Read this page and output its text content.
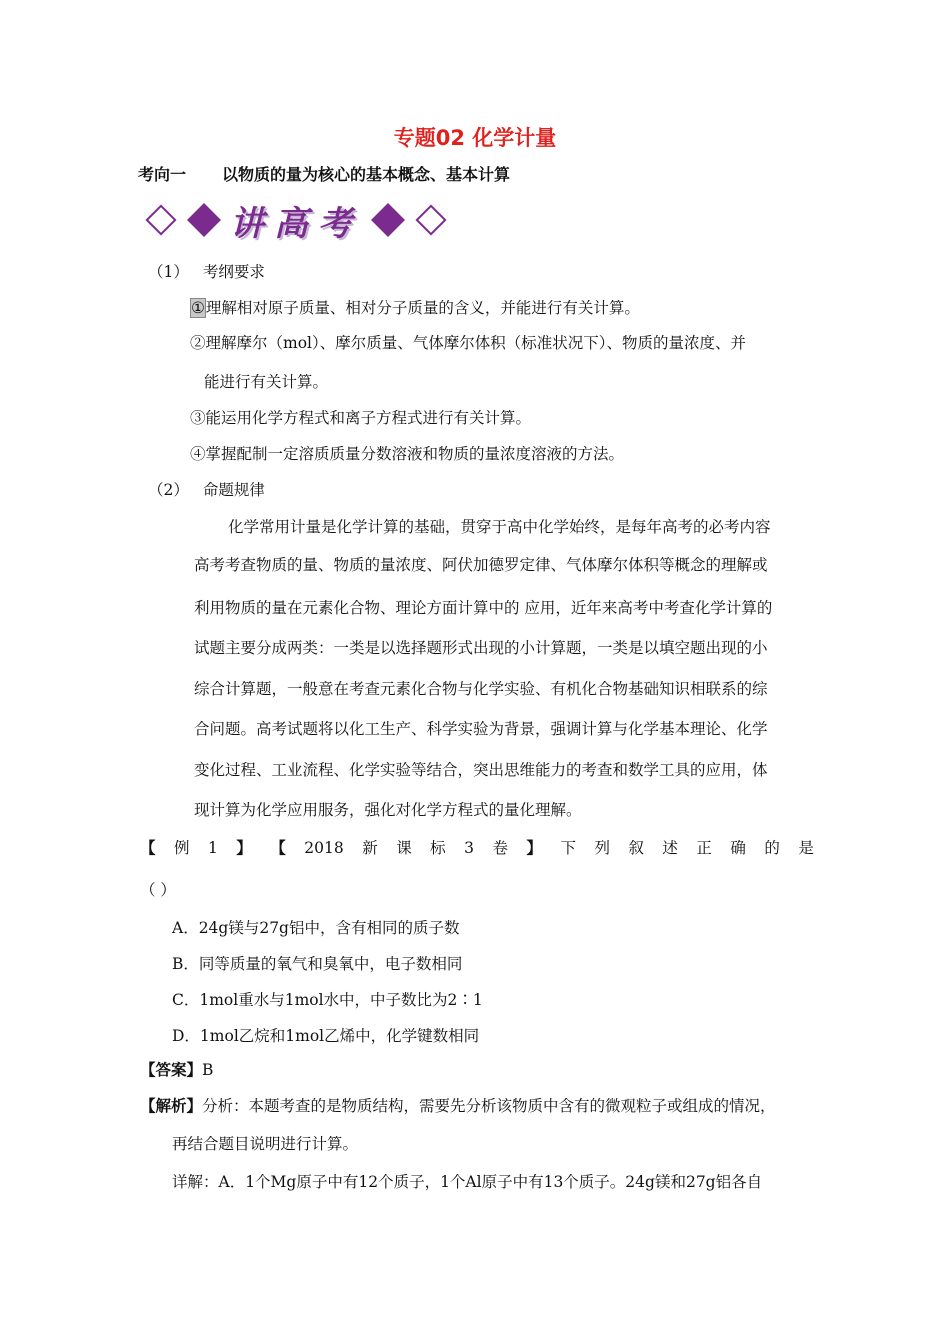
专题02 化学计量
考向一 以物质的量为核心的基本概念、基本计算
讲高考
（1） 考纲要求
①理解相对原子质量、相对分子质量的含义，并能进行有关计算。
②理解摩尔（mol）、摩尔质量、气体摩尔体积（标准状况下）、物质的量浓度、并
能进行有关计算。
③能运用化学方程式和离子方程式进行有关计算。
④掌握配制一定溶质质量分数溶液和物质的量浓度溶液的方法。
（2） 命题规律
化学常用计量是化学计算的基础，贯穿于高中化学始终，是每年高考的必考内容
高考考查物质的量、物质的量浓度、阿伏加德罗定律、气体摩尔体积等概念的理解或
利用物质的量在元素化合物、理论方面计算中的 应用，近年来高考中考查化学计算的
试题主要分成两类：一类是以选择题形式出现的小计算题，一类是以填空题出现的小
综合计算题，一般意在考查元素化合物与化学实验、有机化合物基础知识相联系的综
合问题。高考试题将以化工生产、科学实验为背景，强调计算与化学基本理论、化学
变化过程、工业流程、化学实验等结合，突出思维能力的考查和数学工具的应用，体
现计算为化学应用服务，强化对化学方程式的量化理解。
【 例 1 】 【 2018 新 课 标 3 卷 】 下 列 叙 述 正 确 的 是
（ ）
A．24g镁与27g铝中，含有相同的质子数
B．同等质量的氧气和臭氧中，电子数相同
C．1mol重水与1mol水中，中子数比为2∶1
D．1mol乙烷和1mol乙烯中，化学键数相同
【答案】B
【解析】分析：本题考查的是物质结构，需要先分析该物质中含有的微观粒子或组成的情况，
再结合题目说明进行计算。
详解：A．1个Mg原子中有12个质子，1个Al原子中有13个质子。24g镁和27g铝各自
